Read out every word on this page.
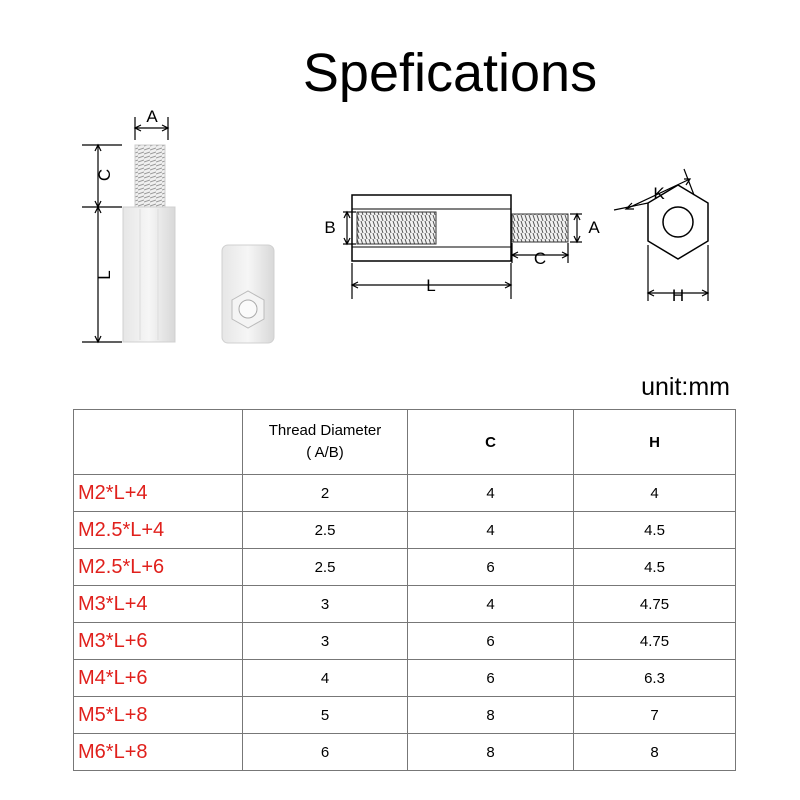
Spefications
A
C
L
B	A
C
L
K
H
unit:mm

	Thread Diameter
( A/B)	C	H
M2*L+4	2	4	4
M2.5*L+4	2.5	4	4.5
M2.5*L+6	2.5	6	4.5
M3*L+4	3	4	4.75
M3*L+6	3	6	4.75
M4*L+6	4	6	6.3
M5*L+8	5	8	7
M6*L+8	6	8	8
